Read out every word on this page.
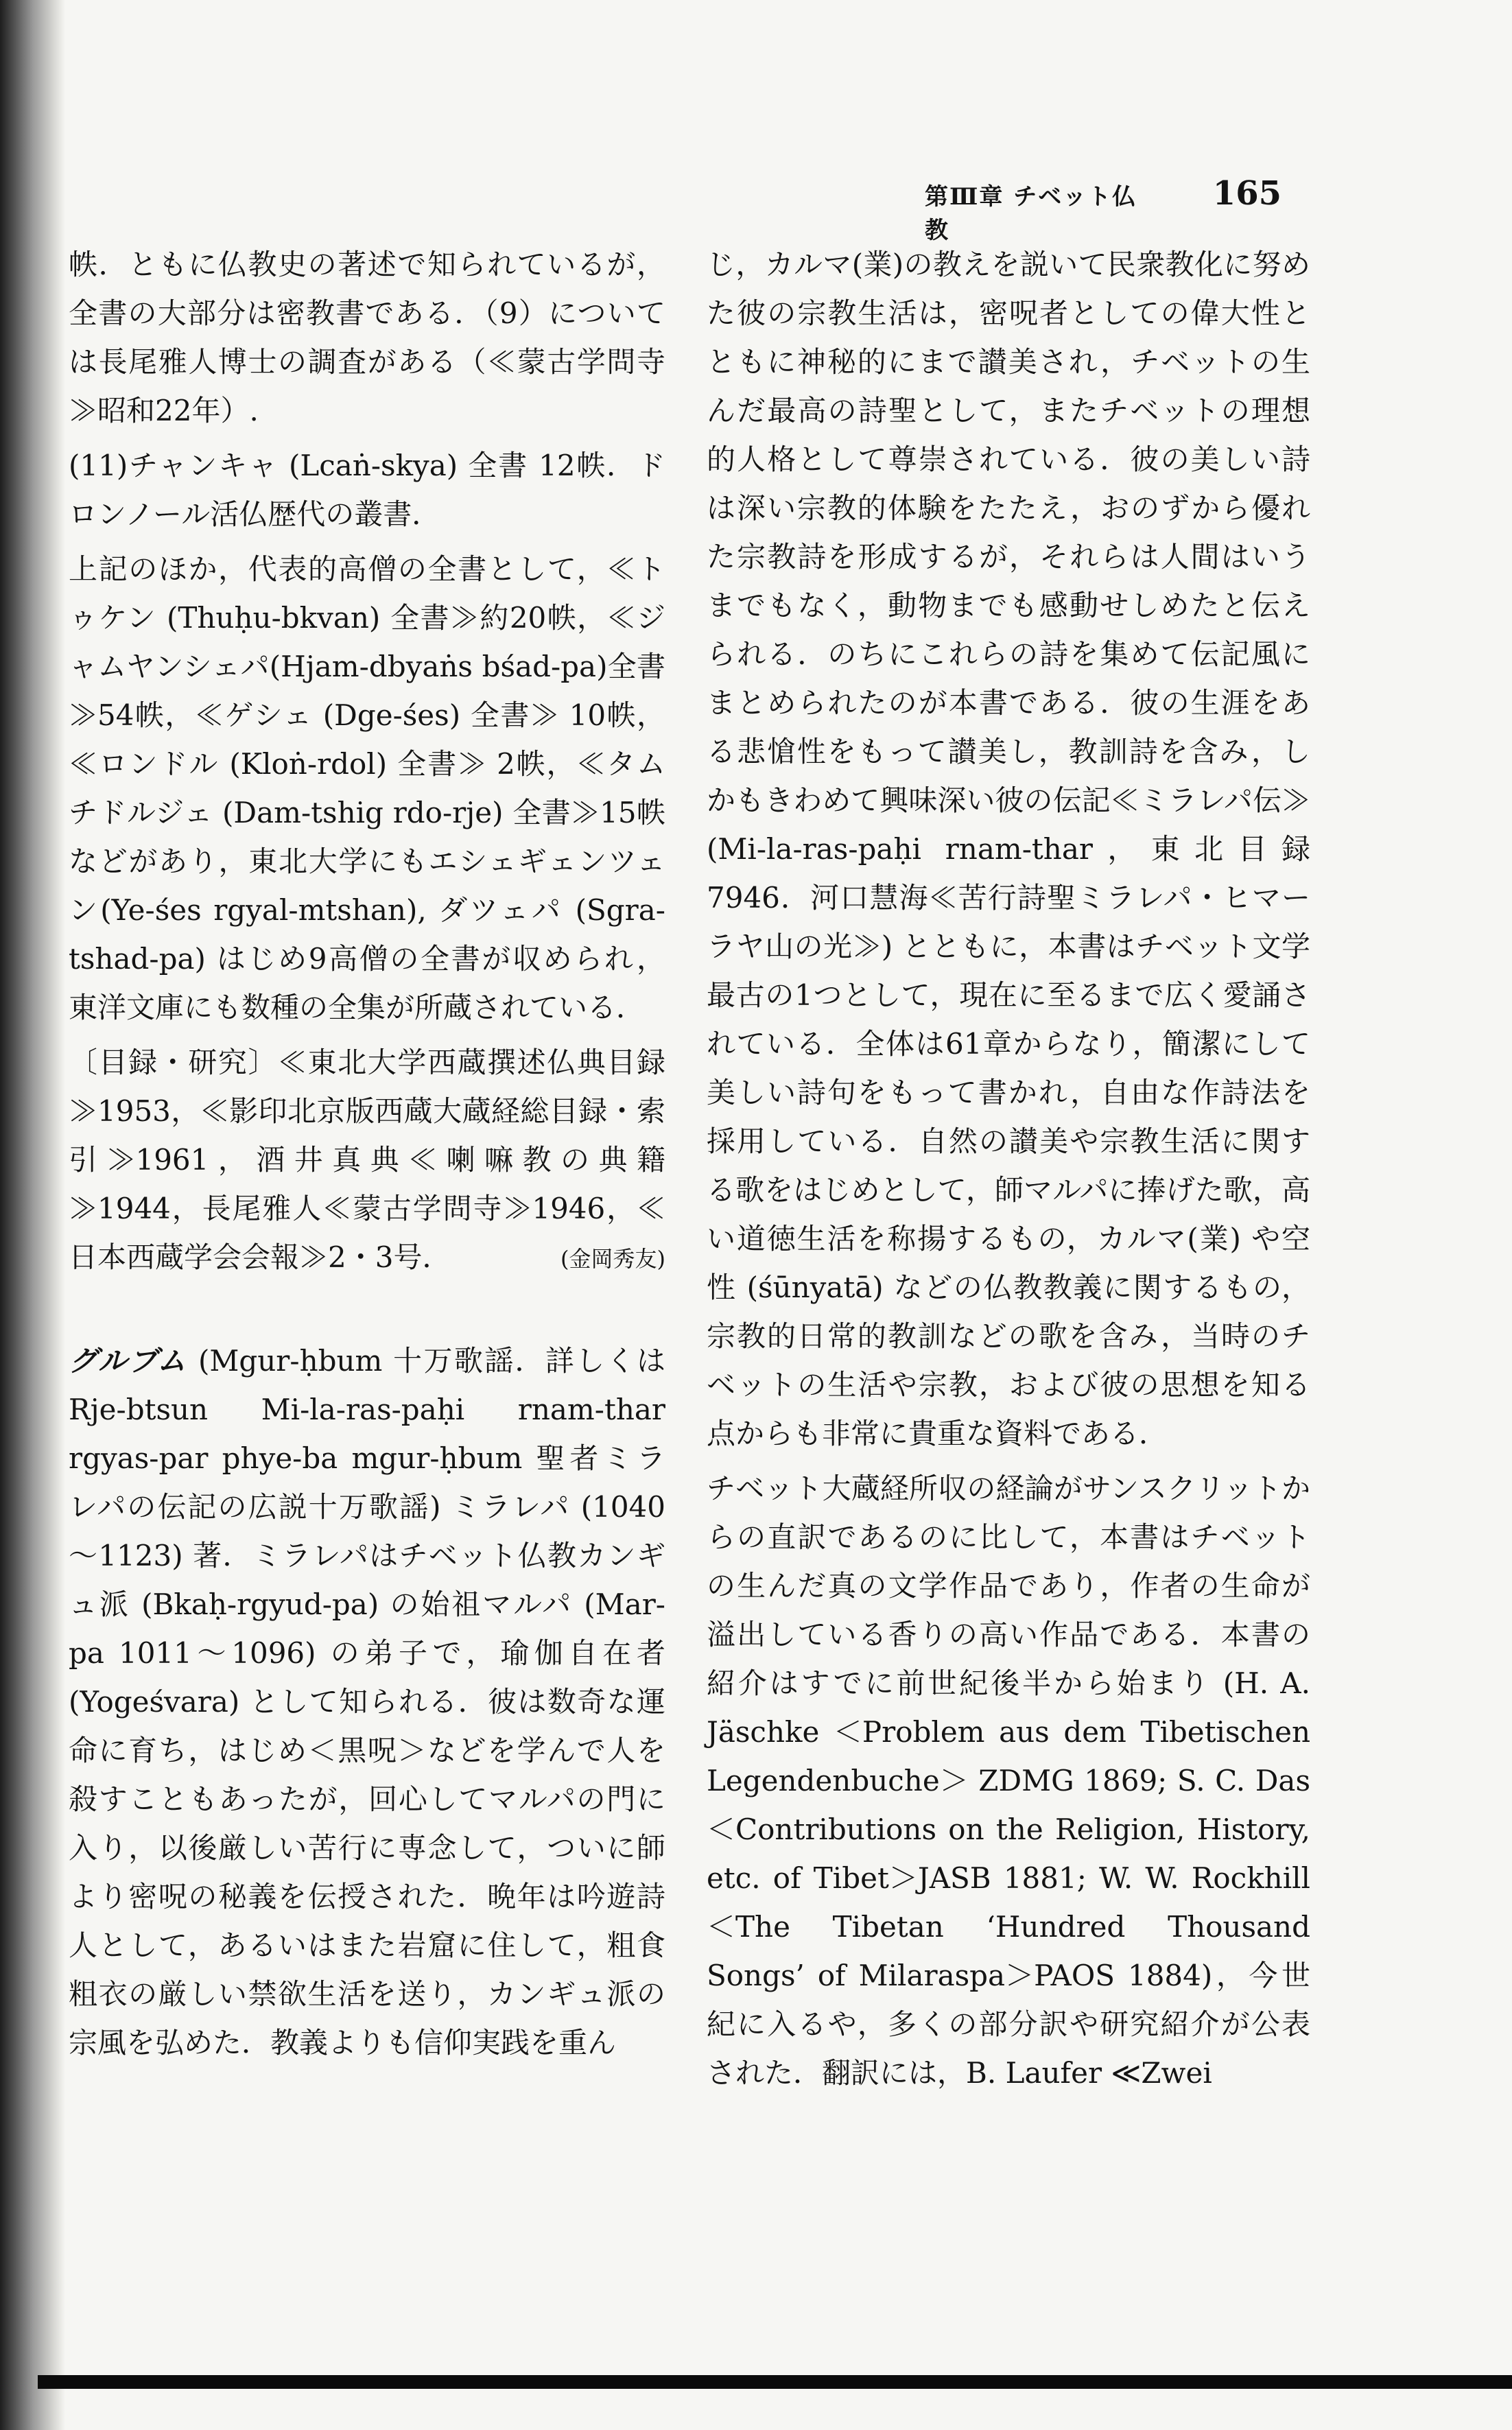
第Ⅲ章 チベット仏教
165

帙．ともに仏教史の著述で知られているが，全書の大部分は密教書である．（9）については長尾雅人博士の調査がある（≪蒙古学問寺≫昭和22年）.

(11)チャンキャ (Lcaṅ-skya) 全書 12帙．ドロンノール活仏歴代の叢書．

上記のほか，代表的高僧の全書として，≪トゥケン (Thuḥu-bkvan) 全書≫約20帙，≪ジャムヤンシェパ(Hjam-dbyaṅs bśad-pa)全書≫54帙，≪ゲシェ (Dge-śes) 全書≫ 10帙，≪ロンドル (Kloṅ-rdol) 全書≫ 2帙，≪タムチドルジェ (Dam-tshig rdo-rje) 全書≫15帙などがあり，東北大学にもエシェギェンツェン(Ye-śes rgyal-mtshan), ダツェパ (Sgra-tshad-pa) はじめ9高僧の全書が収められ，東洋文庫にも数種の全集が所蔵されている．

〔目録・研究〕≪東北大学西蔵撰述仏典目録≫1953，≪影印北京版西蔵大蔵経総目録・索引≫1961，酒井真典≪喇嘛教の典籍≫1944，長尾雅人≪蒙古学問寺≫1946，≪日本西蔵学会会報≫2・3号．	(金岡秀友)

グルブム (Mgur-ḥbum 十万歌謡．詳しくは Rje-btsun Mi-la-ras-paḥi rnam-thar rgyas-par phye-ba mgur-ḥbum 聖者ミラレパの伝記の広説十万歌謡) ミラレパ (1040～1123) 著．ミラレパはチベット仏教カンギュ派 (Bkaḥ-rgyud-pa) の始祖マルパ (Mar-pa 1011～1096) の弟子で，瑜伽自在者 (Yogeśvara) として知られる．彼は数奇な運命に育ち，はじめ＜黒呪＞などを学んで人を殺すこともあったが，回心してマルパの門に入り，以後厳しい苦行に専念して，ついに師より密呪の秘義を伝授された．晩年は吟遊詩人として，あるいはまた岩窟に住して，粗食粗衣の厳しい禁欲生活を送り，カンギュ派の宗風を弘めた．教義よりも信仰実践を重ん

じ，カルマ(業)の教えを説いて民衆教化に努めた彼の宗教生活は，密呪者としての偉大性とともに神秘的にまで讃美され，チベットの生んだ最高の詩聖として，またチベットの理想的人格として尊崇されている．彼の美しい詩は深い宗教的体験をたたえ，おのずから優れた宗教詩を形成するが，それらは人間はいうまでもなく，動物までも感動せしめたと伝えられる．のちにこれらの詩を集めて伝記風にまとめられたのが本書である．彼の生涯をある悲愴性をもって讃美し，教訓詩を含み，しかもきわめて興味深い彼の伝記≪ミラレパ伝≫ (Mi-la-ras-paḥi rnam-thar，東北目録7946．河口慧海≪苦行詩聖ミラレパ・ヒマーラヤ山の光≫) とともに，本書はチベット文学最古の1つとして，現在に至るまで広く愛誦されている．全体は61章からなり，簡潔にして美しい詩句をもって書かれ，自由な作詩法を採用している．自然の讃美や宗教生活に関する歌をはじめとして，師マルパに捧げた歌，高い道徳生活を称揚するもの，カルマ(業) や空性 (śūnyatā) などの仏教教義に関するもの，宗教的日常的教訓などの歌を含み，当時のチベットの生活や宗教，および彼の思想を知る点からも非常に貴重な資料である．

チベット大蔵経所収の経論がサンスクリットからの直訳であるのに比して，本書はチベットの生んだ真の文学作品であり，作者の生命が溢出している香りの高い作品である．本書の紹介はすでに前世紀後半から始まり (H. A. Jäschke ＜Problem aus dem Tibetischen Legendenbuche＞ ZDMG 1869; S. C. Das ＜Contributions on the Religion, History, etc. of Tibet＞JASB 1881; W. W. Rockhill ＜The Tibetan ‘Hundred Thousand Songs’ of Milaraspa＞PAOS 1884)，今世紀に入るや，多くの部分訳や研究紹介が公表された．翻訳には，B. Laufer ≪Zwei
